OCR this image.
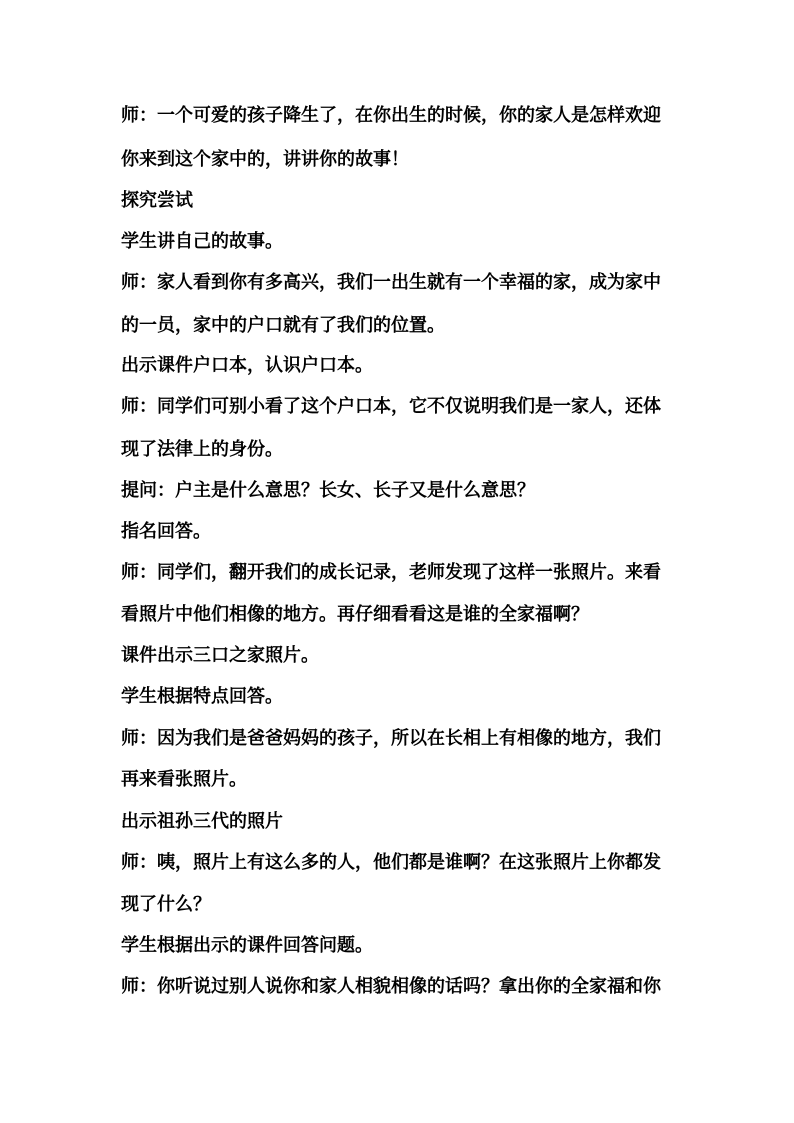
师：一个可爱的孩子降生了，在你出生的时候，你的家人是怎样欢迎
你来到这个家中的，讲讲你的故事！
探究尝试
学生讲自己的故事。
师：家人看到你有多高兴，我们一出生就有一个幸福的家，成为家中
的一员，家中的户口就有了我们的位置。
出示课件户口本，认识户口本。
师：同学们可别小看了这个户口本，它不仅说明我们是一家人，还体
现了法律上的身份。
提问：户主是什么意思？长女、长子又是什么意思？
指名回答。
师：同学们，翻开我们的成长记录，老师发现了这样一张照片。来看
看照片中他们相像的地方。再仔细看看这是谁的全家福啊？
课件出示三口之家照片。
学生根据特点回答。
师：因为我们是爸爸妈妈的孩子，所以在长相上有相像的地方，我们
再来看张照片。
出示祖孙三代的照片
师：咦，照片上有这么多的人，他们都是谁啊？在这张照片上你都发
现了什么？
学生根据出示的课件回答问题。
师：你听说过别人说你和家人相貌相像的话吗？拿出你的全家福和你
